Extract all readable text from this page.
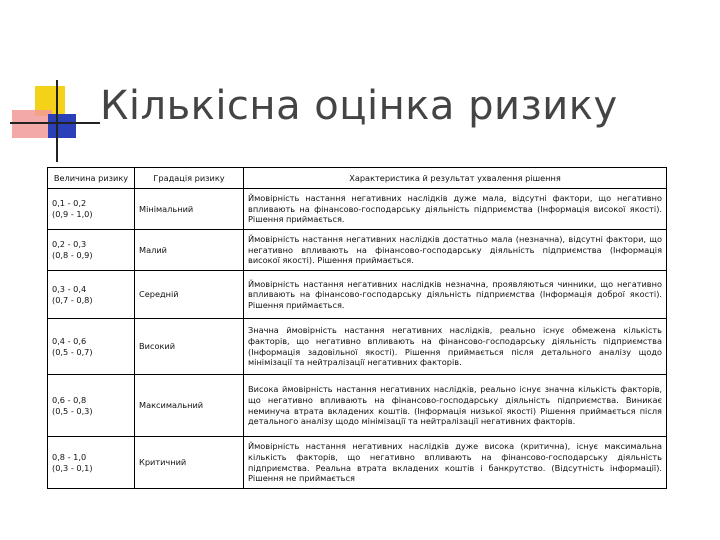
Кількісна оцінка ризику
Величина ризику	Градація ризику	Характеристика й результат ухвалення рішення

0,1 - 0,2
(0,9 - 1,0)	Мінімальний	Ймовірність настання негативних наслідків дуже мала, відсутні фактори, що негативно впливають на фінансово-господарську діяльність підприємства (Інформація високої якості). Рішення приймається.

0,2 - 0,3
(0,8 - 0,9)	Малий	Ймовірність настання негативних наслідків достатньо мала (незначна), відсутні фактори, що негативно впливають на фінансово-господарську діяльність підприємства (Інформація високої якості). Рішення приймається.

0,3 - 0,4
(0,7 - 0,8)	Середній	Ймовірність настання негативних наслідків незначна, проявляються чинники, що негативно впливають на фінансово-господарську діяльність підприємства (Інформація доброї якості). Рішення приймається.

0,4 - 0,6
(0,5 - 0,7)	Високий	Значна ймовірність настання негативних наслідків, реально існує обмежена кількість факторів, що негативно впливають на фінансово-господарську діяльність підприємства (Інформація задовільної якості). Рішення приймається після детального аналізу щодо мінімізації та нейтралізації негативних факторів.

0,6 - 0,8
(0,5 - 0,3)	Максимальний	Висока ймовірність настання негативних наслідків, реально існує значна кількість факторів, що негативно впливають на фінансово-господарську діяльність підприємства. Виникає неминуча втрата вкладених коштів. (Інформація низької якості) Рішення приймається після детального аналізу щодо мінімізації та нейтралізації негативних факторів.

0,8 - 1,0
(0,3 - 0,1)	Критичний	Ймовірність настання негативних наслідків дуже висока (критична), існує максимальна кількість факторів, що негативно впливають на фінансово-господарську діяльність підприємства. Реальна втрата вкладених коштів і банкрутство. (Відсутність інформації). Рішення не приймається
